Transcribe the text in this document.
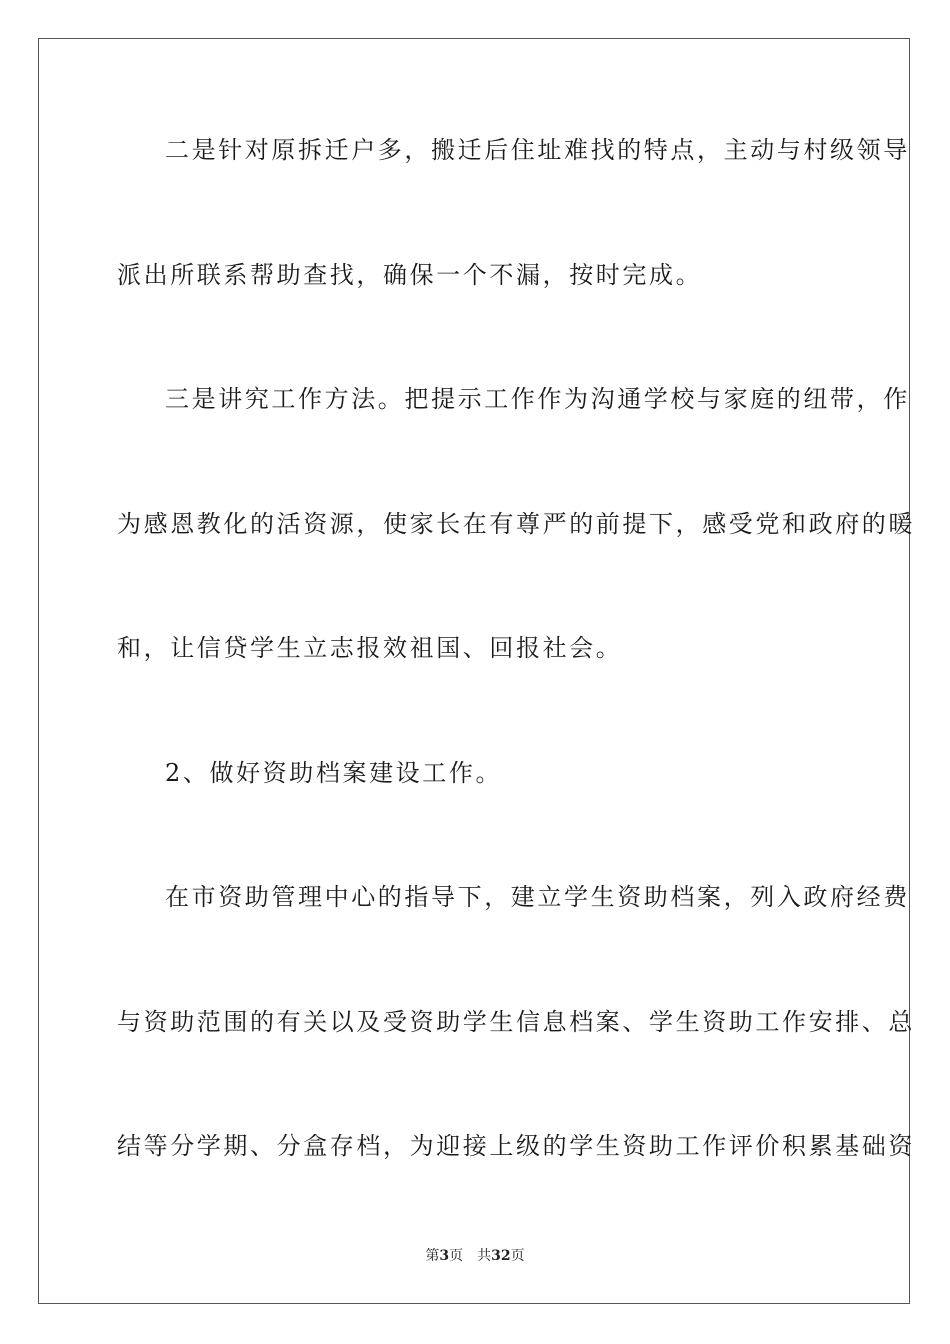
二是针对原拆迁户多，搬迁后住址难找的特点，主动与村级领导
派出所联系帮助查找，确保一个不漏，按时完成。
三是讲究工作方法。把提示工作作为沟通学校与家庭的纽带，作
为感恩教化的活资源，使家长在有尊严的前提下，感受党和政府的暖
和，让信贷学生立志报效祖国、回报社会。
2、做好资助档案建设工作。
在市资助管理中心的指导下，建立学生资助档案，列入政府经费
与资助范围的有关以及受资助学生信息档案、学生资助工作安排、总
结等分学期、分盒存档，为迎接上级的学生资助工作评价积累基础资
第3页 共32页
